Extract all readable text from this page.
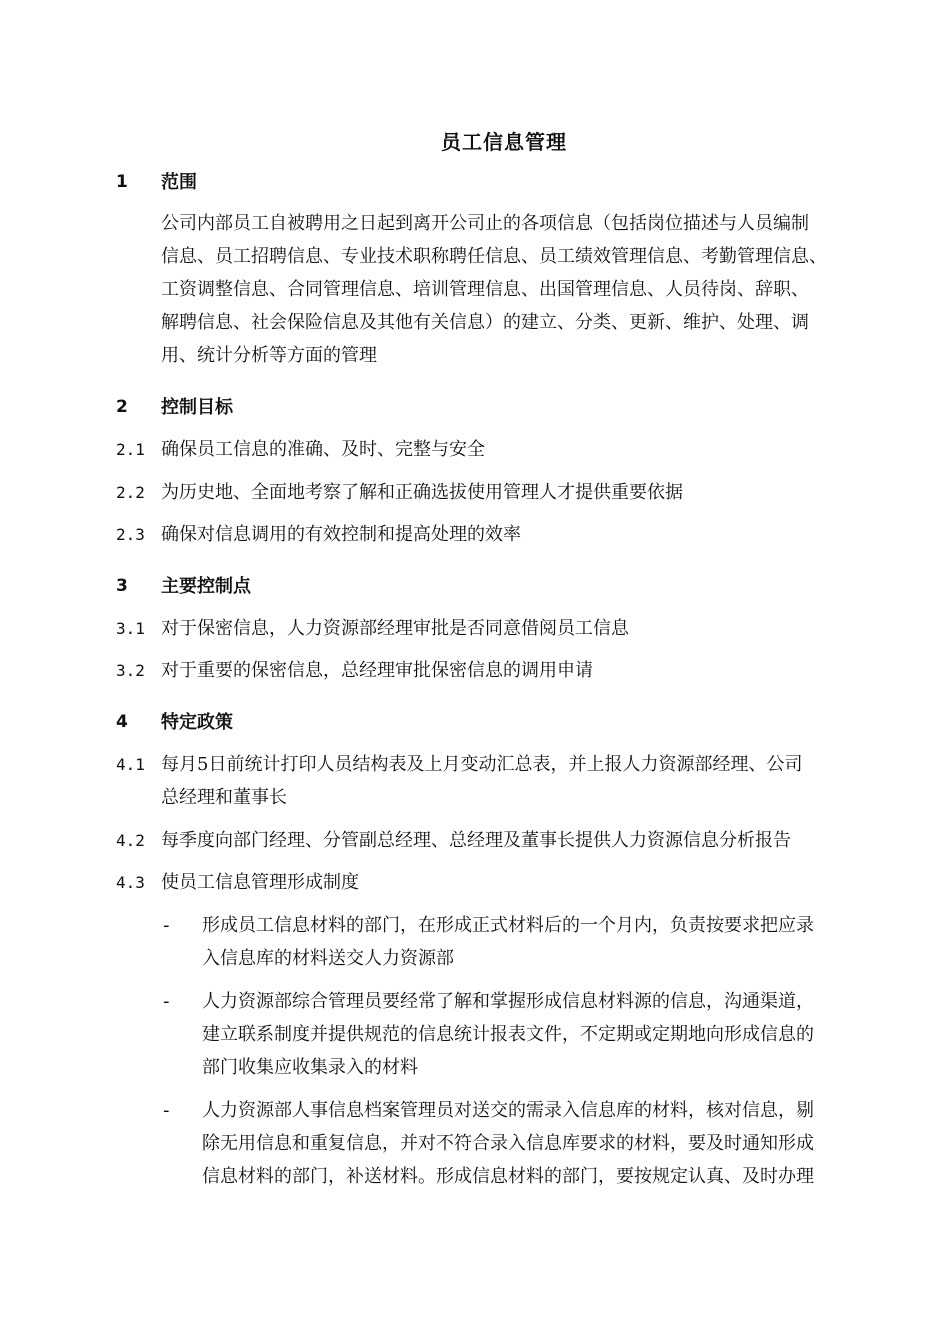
员工信息管理
1 范围
公司内部员工自被聘用之日起到离开公司止的各项信息（包括岗位描述与人员编制
信息、员工招聘信息、专业技术职称聘任信息、员工绩效管理信息、考勤管理信息、
工资调整信息、合同管理信息、培训管理信息、出国管理信息、人员待岗、辞职、
解聘信息、社会保险信息及其他有关信息）的建立、分类、更新、维护、处理、调
用、统计分析等方面的管理
2 控制目标
2.1 确保员工信息的准确、及时、完整与安全
2.2 为历史地、全面地考察了解和正确选拔使用管理人才提供重要依据
2.3 确保对信息调用的有效控制和提高处理的效率
3 主要控制点
3.1 对于保密信息，人力资源部经理审批是否同意借阅员工信息
3.2 对于重要的保密信息，总经理审批保密信息的调用申请
4 特定政策
4.1 每月5日前统计打印人员结构表及上月变动汇总表，并上报人力资源部经理、公司
总经理和董事长
4.2 每季度向部门经理、分管副总经理、总经理及董事长提供人力资源信息分析报告
4.3 使员工信息管理形成制度
- 形成员工信息材料的部门，在形成正式材料后的一个月内，负责按要求把应录
入信息库的材料送交人力资源部
- 人力资源部综合管理员要经常了解和掌握形成信息材料源的信息，沟通渠道，
建立联系制度并提供规范的信息统计报表文件，不定期或定期地向形成信息的
部门收集应收集录入的材料
- 人力资源部人事信息档案管理员对送交的需录入信息库的材料，核对信息，剔
除无用信息和重复信息，并对不符合录入信息库要求的材料，要及时通知形成
信息材料的部门，补送材料。形成信息材料的部门，要按规定认真、及时办理
